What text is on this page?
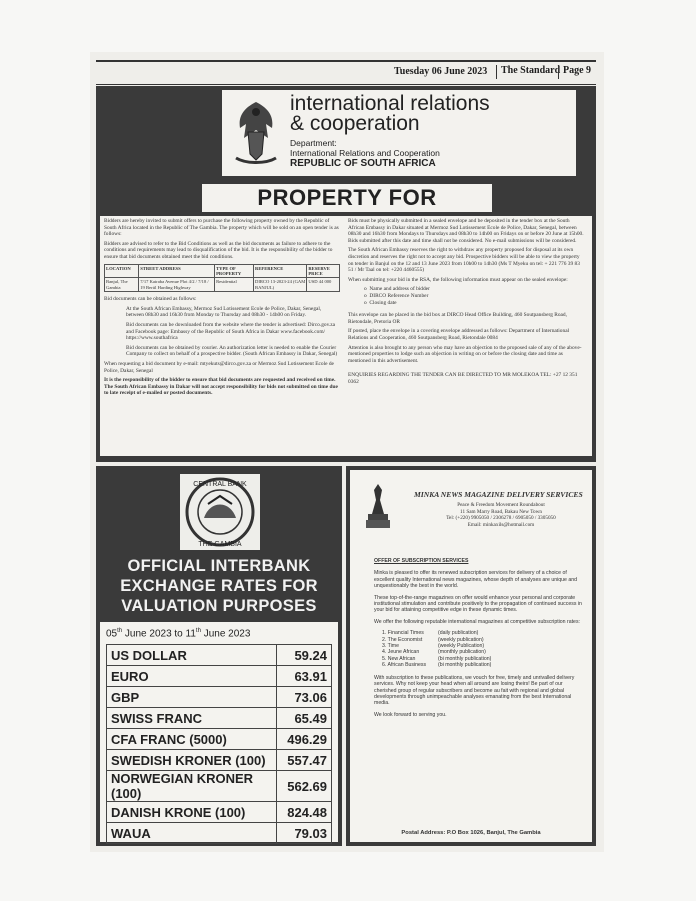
Tuesday 06 June 2023	The Standard Page 9
international relations
& cooperation
Department:
International Relations and Cooperation
REPUBLIC OF SOUTH AFRICA
PROPERTY FOR

Bidders are hereby invited to submit offers to purchase the following property owned by the Republic of South Africa located in the Republic of The Gambia. The property which will be sold on an open tender is as follows:

Bidders are advised to refer to the Bid Conditions as well as the bid documents as failure to adhere to the conditions and requirements may lead to disqualification of the bid. It is the responsibility of the bidder to ensure that bid documents obtained meet the bid conditions.

LOCATION	STREET ADDRESS	TYPE OF PROPERTY	REFERENCE	RESERVE PRICE
Banjul, The Gambia	7/17 Kairaba Avenue Plot 4/2 / 7/18 / 19 Bertil Harding Highway	Residential	DIRCO 13-2023-24 (GAM BANJUL)	USD 44 000

Bid documents can be obtained as follows:

At the South African Embassy, Mermoz Sud Lotissement Ecole de Police, Dakar, Senegal, between 08h30 and 16h30 from Monday to Thursday and 08h30 - 14h00 on Friday.

Bid documents can be downloaded from the website where the tender is advertised: Dirco.gov.za and Facebook page: Embassy of the Republic of South Africa in Dakar www.facebook.com/ https://www.southafrica

Bid documents can be obtained by courier. An authorization letter is needed to enable the Courier Company to collect on behalf of a prospective bidder. (South African Embassy in Dakar, Senegal)

When requesting a bid document by e-mail: mtyekuts@dirco.gov.za or Mermoz Sud Lotissement Ecole de Police, Dakar, Senegal

It is the responsibility of the bidder to ensure that bid documents are requested and received on time. The South African Embassy in Dakar will not accept responsibility for bids not submitted on time due to late receipt of e-mailed or posted documents.

Bids must be physically submitted in a sealed envelope and be deposited in the tender box at the South African Embassy in Dakar situated at Mermoz Sud Lotissement Ecole de Police, Dakar, Senegal, between 08h30 and 16h30 from Mondays to Thursdays and 08h30 to 14h00 on Fridays on or before 20 June at 15h00. Bids submitted after this date and time shall not be considered. No e-mail submissions will be considered.

The South African Embassy reserves the right to withdraw any property proposed for disposal at its own discretion and reserves the right not to accept any bid. Prospective bidders will be able to view the property on tender in Banjul on the 12 and 13 June 2023 from 10h00 to 14h30 (Ms T Myeku on tel: + 221 776 39 83 51 / Mr Taal on tel: +220 4460555)

When submitting your bid in the RSA, the following information must appear on the sealed envelope:

o  Name and address of bidder
o  DIRCO Reference Number
o  Closing date

This envelope can be placed in the bid box at DIRCO Head Office Building, 460 Soutpansberg Road, Rietondale, Pretoria OR

If posted, place the envelope in a covering envelope addressed as follows: Department of International Relations and Cooperation, 460 Soutpansberg Road, Rietondale 0084

Attention is also brought to any person who may have an objection to the proposed sale of any of the above-mentioned properties to lodge such an objection in writing on or before the closing date and time as mentioned in this advertisement.

ENQUIRIES REGARDING THE TENDER CAN BE DIRECTED TO MR MOLEKOA TEL: +27 12 351 0362

CENTRAL BANK
THE GAMBIA
OFFICIAL INTERBANK EXCHANGE RATES FOR VALUATION PURPOSES
05th June 2023 to 11th June 2023
US DOLLAR	59.24
EURO	63.91
GBP	73.06
SWISS FRANC	65.49
CFA FRANC (5000)	496.29
SWEDISH KRONER (100)	557.47
NORWEGIAN KRONER (100)	562.69
DANISH KRONE (100)	824.48
WAUA	79.03
MINKA NEWS MAGAZINE DELIVERY SERVICES
Peace & Freedom Movement Roundabout
11 Sam Marry Road, Bakau New Town
Tel: (+220) 9905050 / 2306278 / 6905050 / 3305050
Email: minkaxils@hotmail.com

OFFER OF SUBSCRIPTION SERVICES

Minka is pleased to offer its renewed subscription services for delivery of a choice of excellent quality International news magazines, whose depth of analyses are unique and unquestionably the best in the world.

These top-of-the-range magazines on offer would enhance your personal and corporate institutional stimulation and contribute positively to the propagation of continued success in your bid for attaining competitive edge in these dynamic times.

We offer the following reputable international magazines at competitive subscription rates:

1. Financial Times	(daily publication)
2. The Economist	(weekly publication)
3. Time	(weekly Publication)
4. Jeune African	(monthly publication)
5. New African	(bi monthly publication)
6. African Business	(bi monthly publication)

With subscription to these publications, we vouch for free, timely and unrivalled delivery services. Why not keep your head when all around are losing theirs! Be part of our cherished group of regular subscribers and become au fait with regional and global developments through unimpeachable analyses emanating from the best International media.

We look forward to serving you.

Postal Address: P.O Box 1026, Banjul, The Gambia
